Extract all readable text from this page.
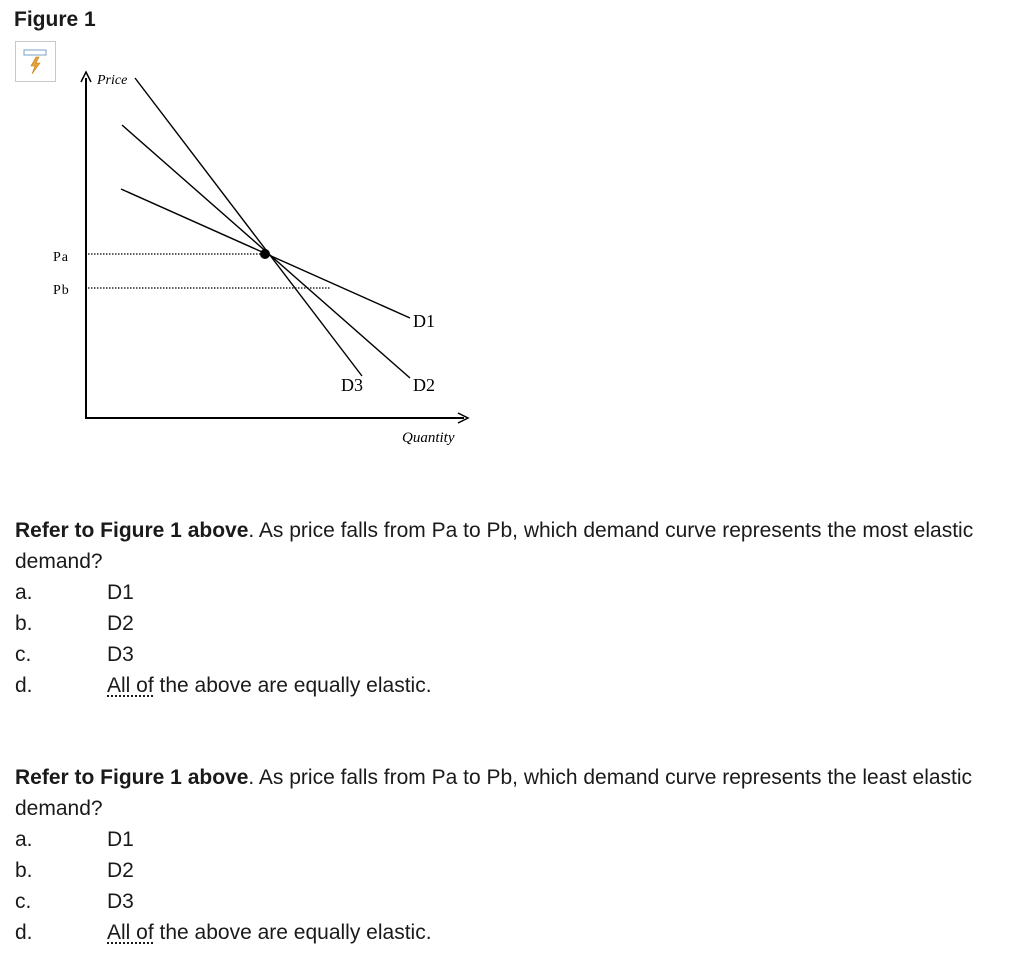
Figure 1
Price
Quantity
Pa
Pb
D1
D2
D3
Refer to Figure 1 above. As price falls from Pa to Pb, which demand curve represents the most elastic demand?
a.	D1
b.	D2
c.	D3
d.	All of the above are equally elastic.
Refer to Figure 1 above. As price falls from Pa to Pb, which demand curve represents the least elastic demand?
a.	D1
b.	D2
c.	D3
d.	All of the above are equally elastic.
